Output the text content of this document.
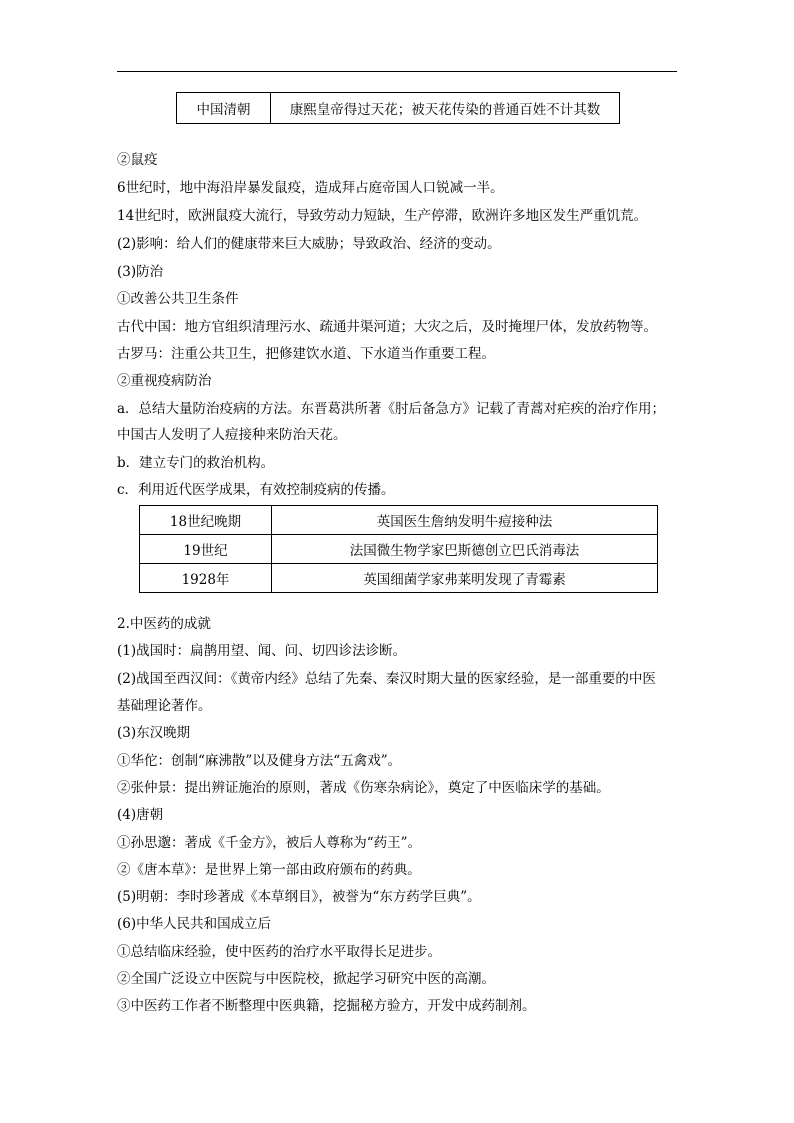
中国清朝	康熙皇帝得过天花；被天花传染的普通百姓不计其数
②鼠疫
6世纪时，地中海沿岸暴发鼠疫，造成拜占庭帝国人口锐减一半。
14世纪时，欧洲鼠疫大流行，导致劳动力短缺，生产停滞，欧洲许多地区发生严重饥荒。
(2)影响：给人们的健康带来巨大威胁；导致政治、经济的变动。
(3)防治
①改善公共卫生条件
古代中国：地方官组织清理污水、疏通井渠河道；大灾之后，及时掩埋尸体，发放药物等。
古罗马：注重公共卫生，把修建饮水道、下水道当作重要工程。
②重视疫病防治
a．总结大量防治疫病的方法。东晋葛洪所著《肘后备急方》记载了青蒿对疟疾的治疗作用；
中国古人发明了人痘接种来防治天花。
b．建立专门的救治机构。
c．利用近代医学成果，有效控制疫病的传播。
18世纪晚期	英国医生詹纳发明牛痘接种法
19世纪	法国微生物学家巴斯德创立巴氏消毒法
1928年	英国细菌学家弗莱明发现了青霉素
2.中医药的成就
(1)战国时：扁鹊用望、闻、问、切四诊法诊断。
(2)战国至西汉间：《黄帝内经》总结了先秦、秦汉时期大量的医家经验，是一部重要的中医
基础理论著作。
(3)东汉晚期
①华佗：创制“麻沸散”以及健身方法“五禽戏”。
②张仲景：提出辨证施治的原则，著成《伤寒杂病论》，奠定了中医临床学的基础。
(4)唐朝
①孙思邈：著成《千金方》，被后人尊称为“药王”。
②《唐本草》：是世界上第一部由政府颁布的药典。
(5)明朝：李时珍著成《本草纲目》，被誉为“东方药学巨典”。
(6)中华人民共和国成立后
①总结临床经验，使中医药的治疗水平取得长足进步。
②全国广泛设立中医院与中医院校，掀起学习研究中医的高潮。
③中医药工作者不断整理中医典籍，挖掘秘方验方，开发中成药制剂。
